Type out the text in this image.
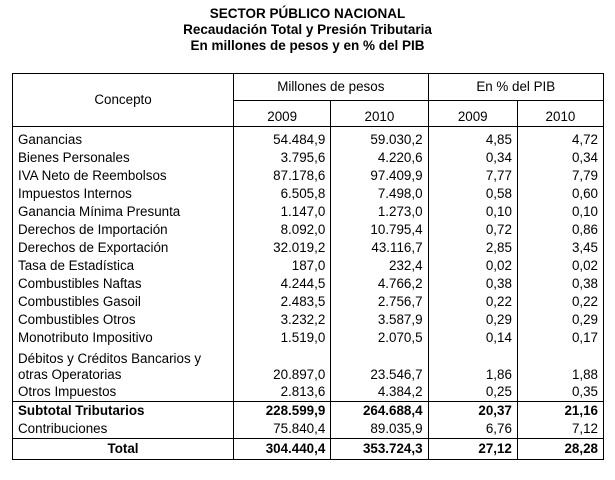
SECTOR PÚBLICO NACIONAL
Recaudación Total y Presión Tributaria
En millones de pesos y en % del PIB
Concepto	Millones de pesos		En % del PIB	
	2009	2010	2009	2010
Ganancias	54.484,9	59.030,2	4,85	4,72
Bienes Personales	3.795,6	4.220,6	0,34	0,34
IVA Neto de Reembolsos	87.178,6	97.409,9	7,77	7,79
Impuestos Internos	6.505,8	7.498,0	0,58	0,60
Ganancia Mínima Presunta	1.147,0	1.273,0	0,10	0,10
Derechos de Importación	8.092,0	10.795,4	0,72	0,86
Derechos de Exportación	32.019,2	43.116,7	2,85	3,45
Tasa de Estadística	187,0	232,4	0,02	0,02
Combustibles Naftas	4.244,5	4.766,2	0,38	0,38
Combustibles Gasoil	2.483,5	2.756,7	0,22	0,22
Combustibles Otros	3.232,2	3.587,9	0,29	0,29
Monotributo Impositivo	1.519,0	2.070,5	0,14	0,17
Débitos y Créditos Bancarios y otras Operatorias	20.897,0	23.546,7	1,86	1,88
Otros Impuestos	2.813,6	4.384,2	0,25	0,35
Subtotal Tributarios	228.599,9	264.688,4	20,37	21,16
Contribuciones	75.840,4	89.035,9	6,76	7,12
Total	304.440,4	353.724,3	27,12	28,28
